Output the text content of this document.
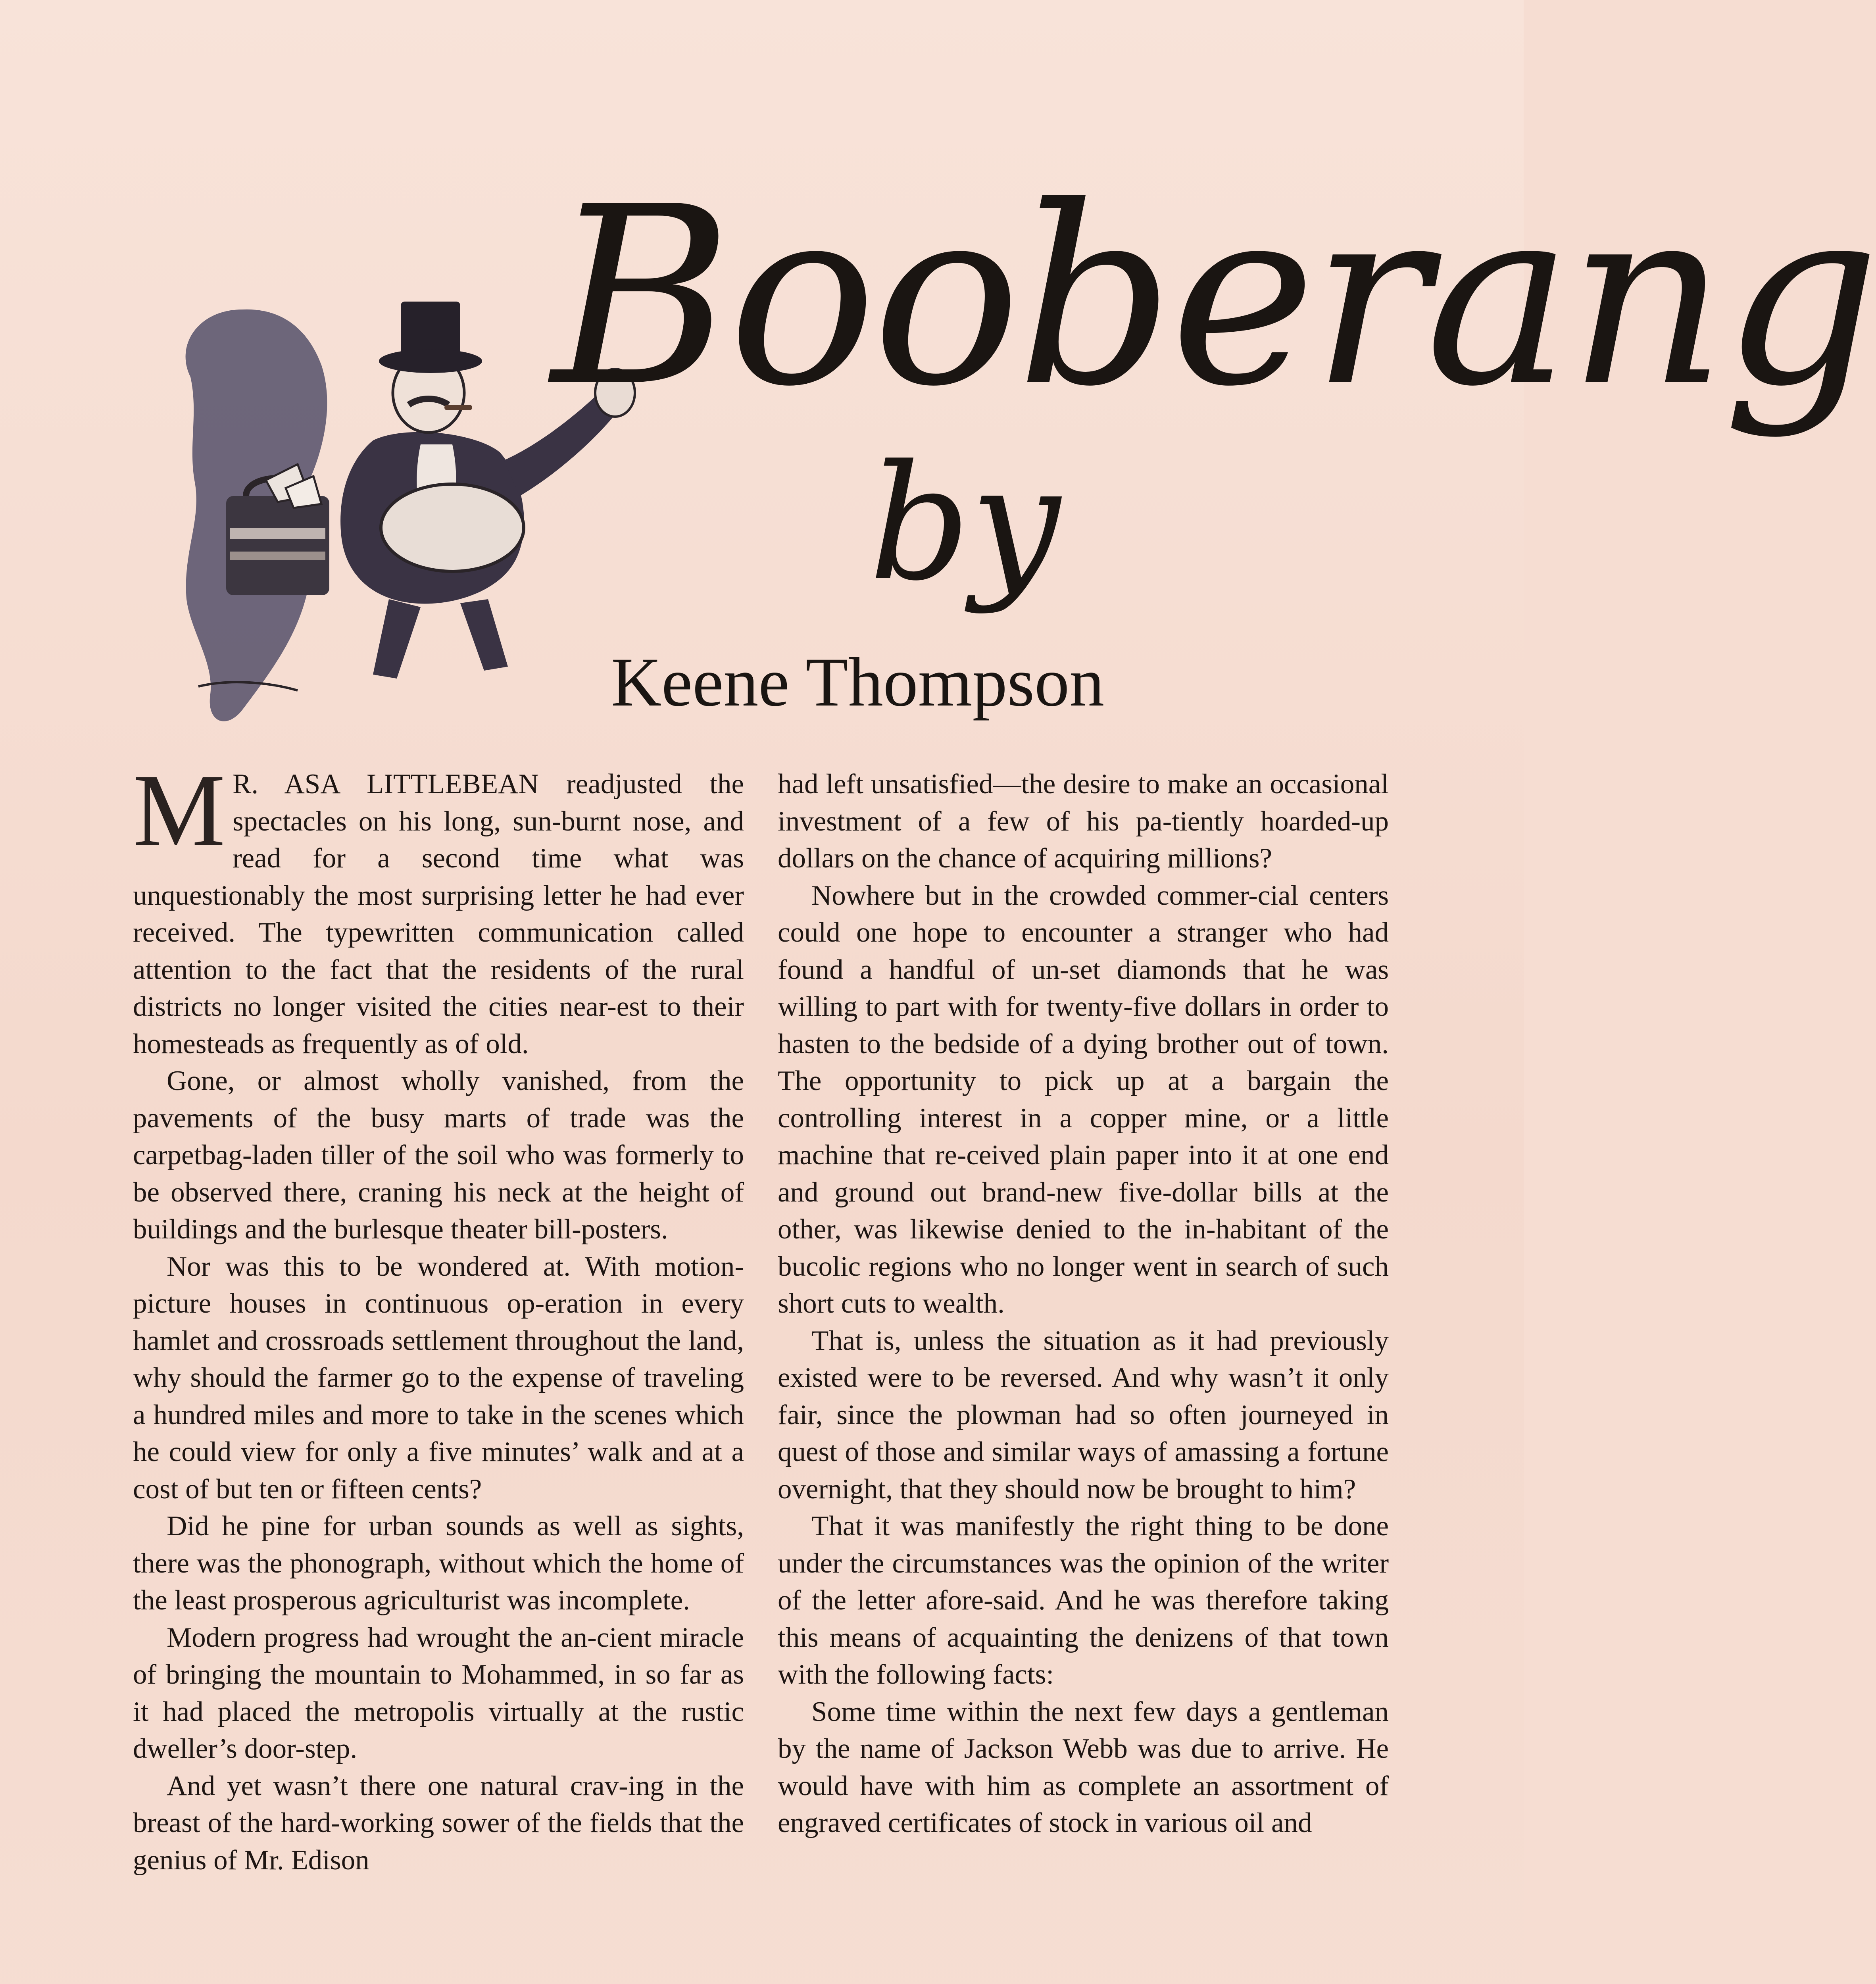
Booberang
by
Keene Thompson

M R. ASA LITTLEBEAN readjusted the spectacles on his long, sun-burnt nose, and read for a second time what was unquestionably the most surprising letter he had ever received. The typewritten communication called attention to the fact that the residents of the rural districts no longer visited the cities near-est to their homesteads as frequently as of old.

Gone, or almost wholly vanished, from the pavements of the busy marts of trade was the carpetbag-laden tiller of the soil who was formerly to be observed there, craning his neck at the height of buildings and the burlesque theater bill-posters.

Nor was this to be wondered at. With motion-picture houses in continuous op-eration in every hamlet and crossroads settlement throughout the land, why should the farmer go to the expense of traveling a hundred miles and more to take in the scenes which he could view for only a five minutes’ walk and at a cost of but ten or fifteen cents?

Did he pine for urban sounds as well as sights, there was the phonograph, without which the home of the least prosperous agriculturist was incomplete.

Modern progress had wrought the an-cient miracle of bringing the mountain to Mohammed, in so far as it had placed the metropolis virtually at the rustic dweller’s door-step.

And yet wasn’t there one natural crav-ing in the breast of the hard-working sower of the fields that the genius of Mr. Edison

had left unsatisfied—the desire to make an occasional investment of a few of his pa-tiently hoarded-up dollars on the chance of acquiring millions?

Nowhere but in the crowded commer-cial centers could one hope to encounter a stranger who had found a handful of un-set diamonds that he was willing to part with for twenty-five dollars in order to hasten to the bedside of a dying brother out of town. The opportunity to pick up at a bargain the controlling interest in a copper mine, or a little machine that re-ceived plain paper into it at one end and ground out brand-new five-dollar bills at the other, was likewise denied to the in-habitant of the bucolic regions who no longer went in search of such short cuts to wealth.

That is, unless the situation as it had previously existed were to be reversed. And why wasn’t it only fair, since the plowman had so often journeyed in quest of those and similar ways of amassing a fortune overnight, that they should now be brought to him?

That it was manifestly the right thing to be done under the circumstances was the opinion of the writer of the letter afore-said. And he was therefore taking this means of acquainting the denizens of that town with the following facts:

Some time within the next few days a gentleman by the name of Jackson Webb was due to arrive. He would have with him as complete an assortment of engraved certificates of stock in various oil and
